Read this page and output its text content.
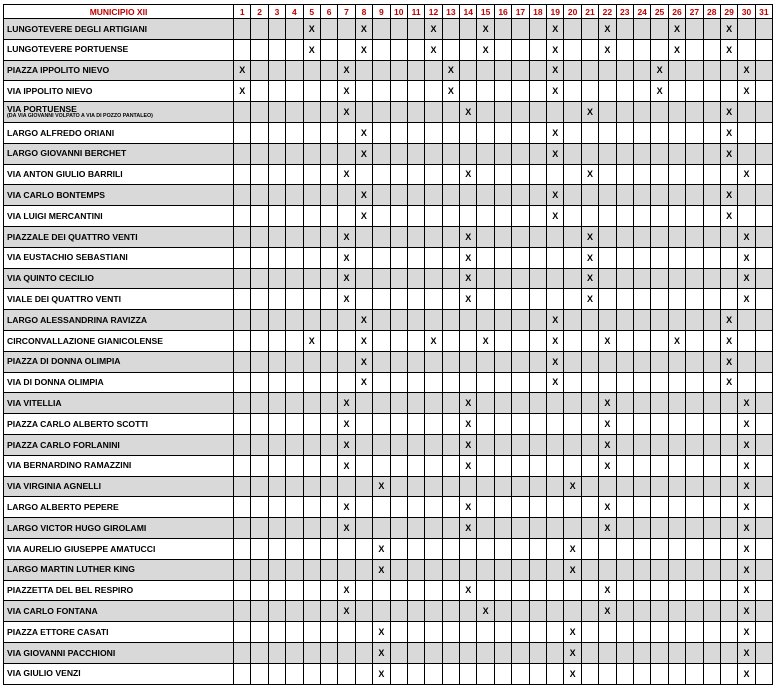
MUNICIPIO XII	1	2	3	4	5	6	7	8	9	10	11	12	13	14	15	16	17	18	19	20	21	22	23	24	25	26	27	28	29	30	31
LUNGOTEVERE DEGLI ARTIGIANI					X			X				X			X				X			X				X			X		
LUNGOTEVERE PORTUENSE					X			X				X			X				X			X				X			X		
PIAZZA IPPOLITO NIEVO	X						X						X						X						X					X	
VIA IPPOLITO NIEVO	X						X						X						X						X					X	
VIA PORTUENSE
(DA VIA GIOVANNI VOLPATO A VIA DI POZZO PANTALEO)							X							X							X								X		
LARGO ALFREDO ORIANI								X											X										X		
LARGO GIOVANNI BERCHET								X											X										X		
VIA ANTON GIULIO BARRILI							X							X							X									X	
VIA CARLO BONTEMPS								X											X										X		
VIA LUIGI MERCANTINI								X											X										X		
PIAZZALE DEI QUATTRO VENTI							X							X							X									X	
VIA EUSTACHIO SEBASTIANI							X							X							X									X	
VIA QUINTO CECILIO							X							X							X									X	
VIALE DEI QUATTRO VENTI							X							X							X									X	
LARGO ALESSANDRINA RAVIZZA								X											X										X		
CIRCONVALLAZIONE GIANICOLENSE					X			X				X			X				X			X				X			X		
PIAZZA DI DONNA OLIMPIA								X											X										X		
VIA DI DONNA OLIMPIA								X											X										X		
VIA VITELLIA							X							X								X								X	
PIAZZA CARLO ALBERTO SCOTTI							X							X								X								X	
PIAZZA CARLO FORLANINI							X							X								X								X	
VIA BERNARDINO RAMAZZINI							X							X								X								X	
VIA VIRGINIA AGNELLI									X											X										X	
LARGO ALBERTO PEPERE							X							X								X								X	
LARGO VICTOR HUGO GIROLAMI							X							X								X								X	
VIA AURELIO GIUSEPPE AMATUCCI									X											X										X	
LARGO MARTIN LUTHER KING									X											X										X	
PIAZZETTA DEL BEL RESPIRO							X							X								X								X	
VIA CARLO FONTANA							X								X							X								X	
PIAZZA ETTORE CASATI									X											X										X	
VIA GIOVANNI PACCHIONI									X											X										X	
VIA GIULIO VENZI									X											X										X	
